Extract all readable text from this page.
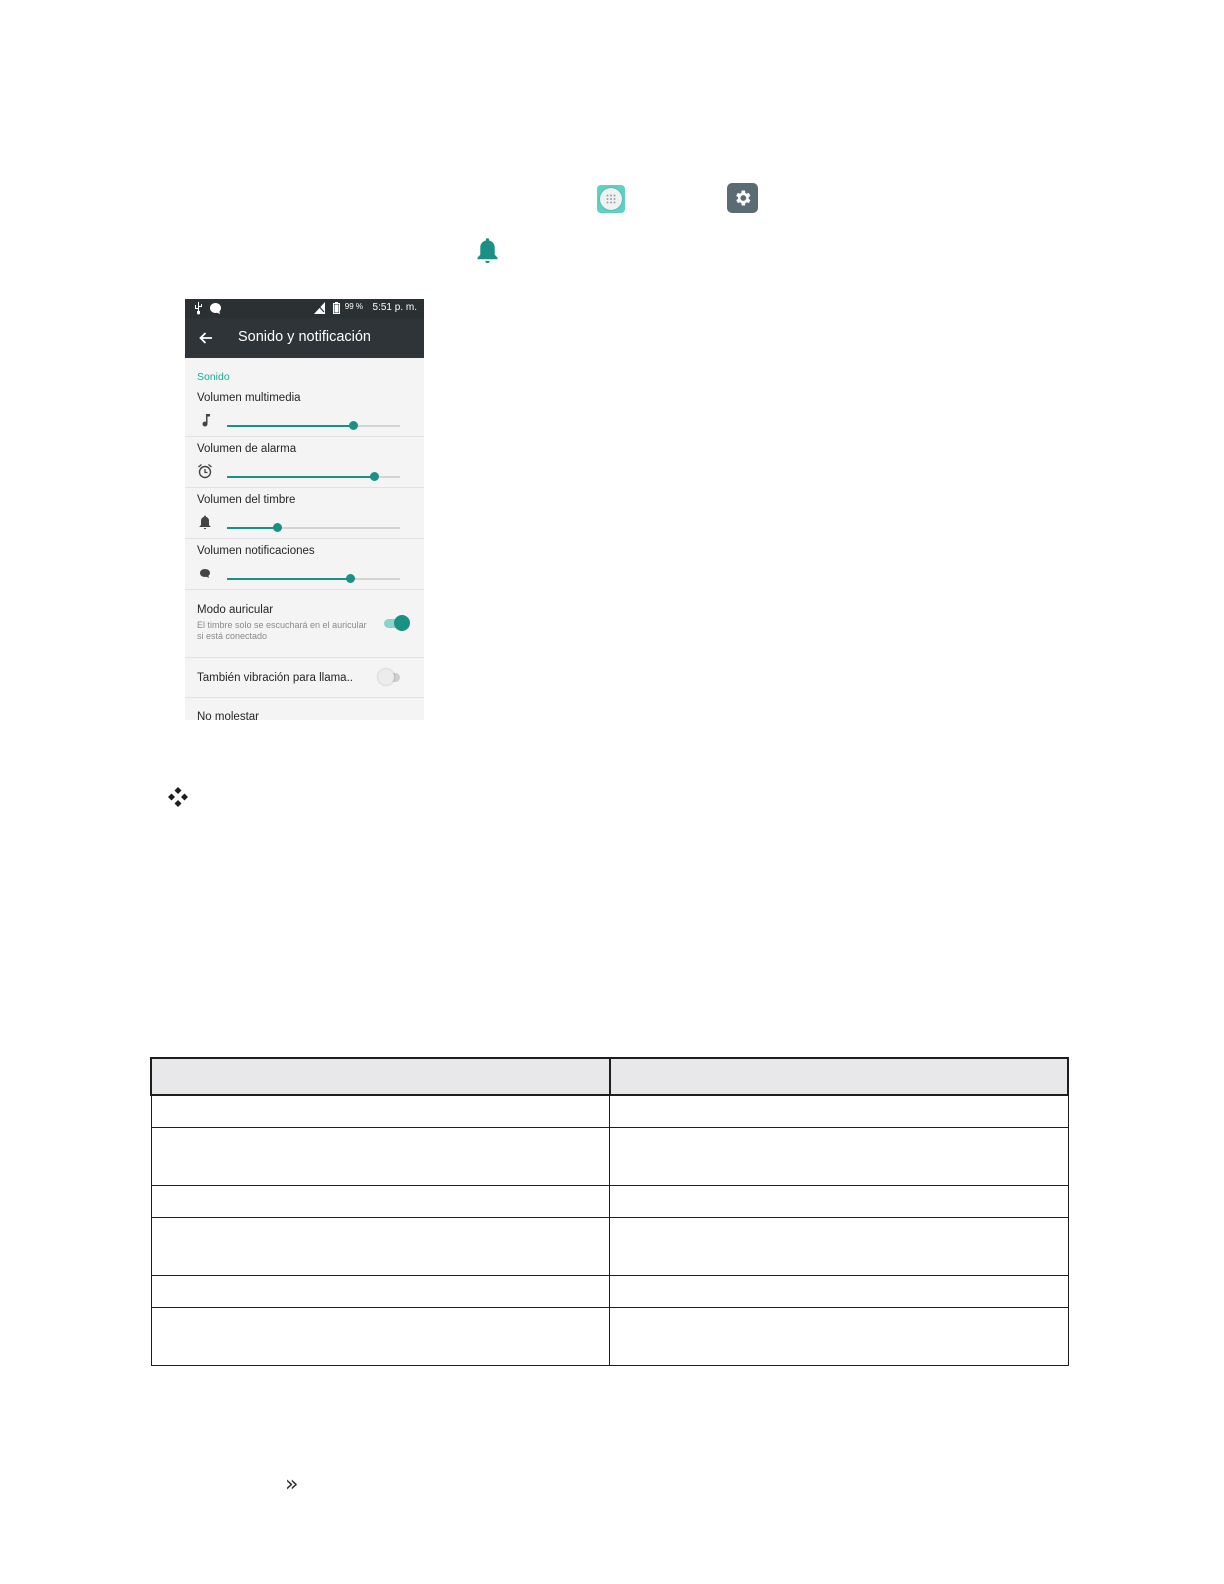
99 % 5:51 p. m.
Sonido y notificación
Sonido
Volumen multimedia
Volumen de alarma
Volumen del timbre
Volumen notificaciones
Modo auricular
El timbre solo se escuchará en el auricular si está conectado
También vibración para llama..
No molestar

»
